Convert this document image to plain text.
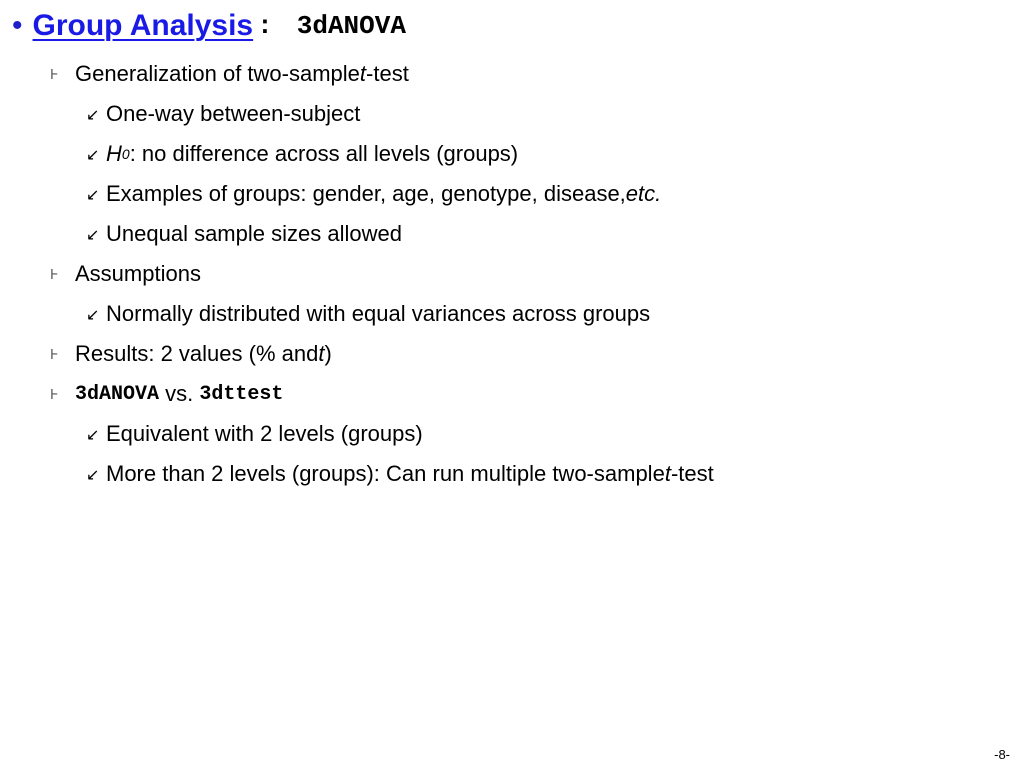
• Group Analysis : 3dANOVA
Ⱶ Generalization of two-sample t -test
↙ One-way between-subject
↙ H 0 : no difference across all levels (groups)
↙ Examples of groups: gender, age, genotype, disease, etc.
↙ Unequal sample sizes allowed
Ⱶ Assumptions
↙ Normally distributed with equal variances across groups
Ⱶ Results: 2 values (% and t )
Ⱶ 3dANOVA vs. 3dttest
↙ Equivalent with 2 levels (groups)
↙ More than 2 levels (groups): Can run multiple two-sample t -test
-8-
